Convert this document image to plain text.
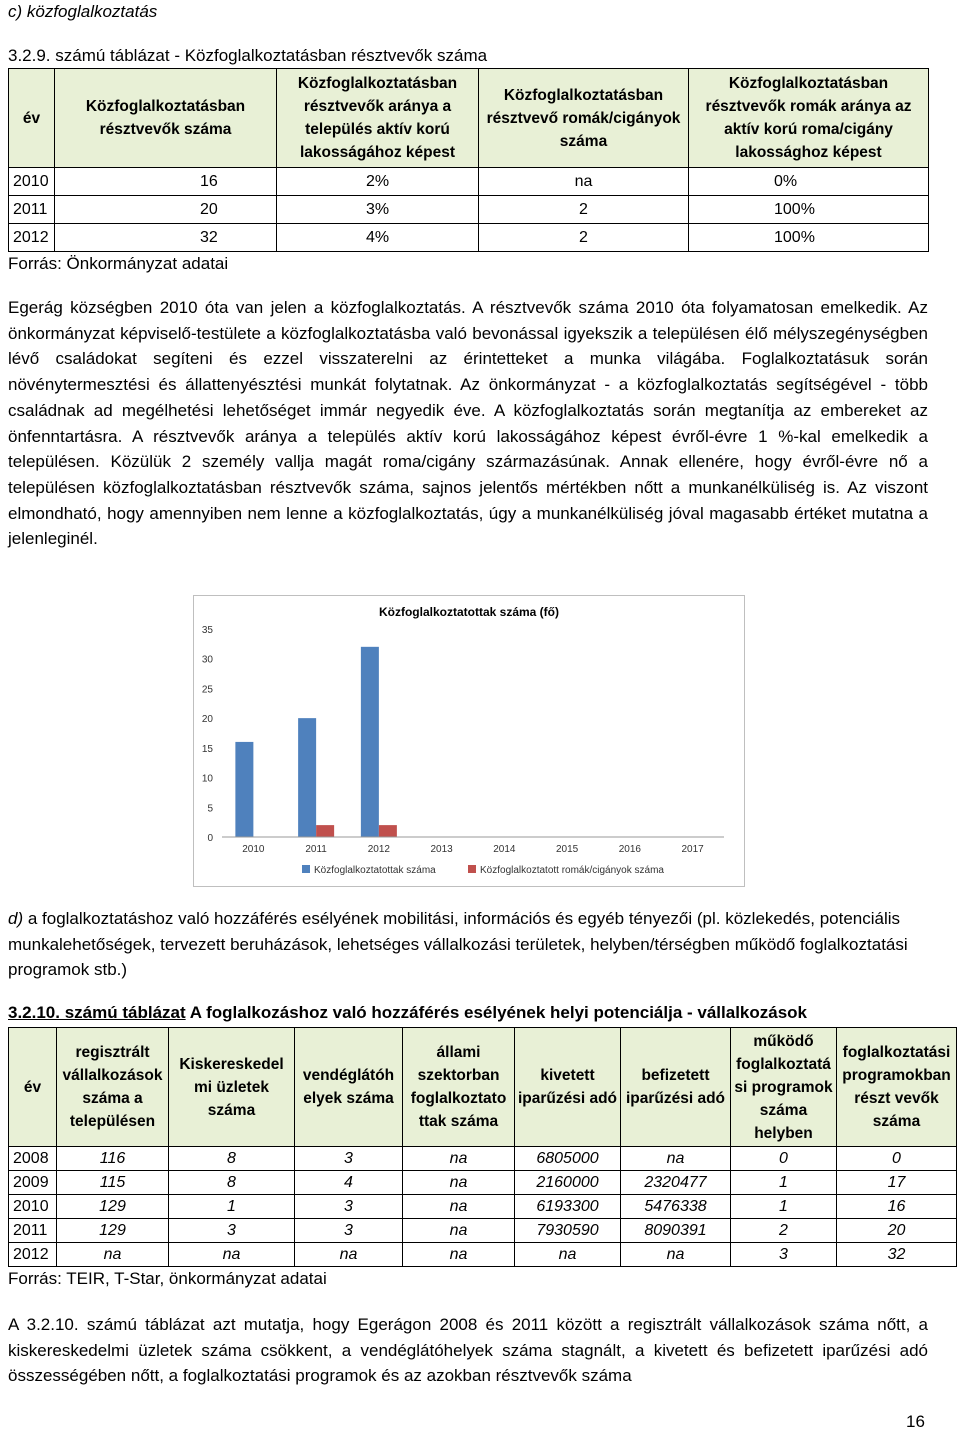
c) közfoglalkoztatás
3.2.9. számú táblázat - Közfoglalkoztatásban résztvevők száma
év	Közfoglalkoztatásban résztvevők száma	Közfoglalkoztatásban résztvevők aránya a település aktív korú lakosságához képest	Közfoglalkoztatásban résztvevő romák/cigányok száma	Közfoglalkoztatásban résztvevők romák aránya az aktív korú roma/cigány lakossághoz képest
2010	16	2%	na	0%
2011	20	3%	2	100%
2012	32	4%	2	100%
Forrás: Önkormányzat adatai
Egerág községben 2010 óta van jelen a közfoglalkoztatás. A résztvevők száma 2010 óta folyamatosan emelkedik. Az önkormányzat képviselő-testülete a közfoglalkoztatásba való bevonással igyekszik a településen élő mélyszegénységben lévő családokat segíteni és ezzel visszaterelni az érintetteket a munka világába. Foglalkoztatásuk során növénytermesztési és állattenyésztési munkát folytatnak. Az önkormányzat - a közfoglalkoztatás segítségével - több családnak ad megélhetési lehetőséget immár negyedik éve. A közfoglalkoztatás során megtanítja az embereket az önfenntartásra. A résztvevők aránya a település aktív korú lakosságához képest évről-évre 1 %-kal emelkedik a településen. Közülük 2 személy vallja magát roma/cigány származásúnak. Annak ellenére, hogy évről-évre nő a településen közfoglalkoztatásban résztvevők száma, sajnos jelentős mértékben nőtt a munkanélküliség is. Az viszont elmondható, hogy amennyiben nem lenne a közfoglalkoztatás, úgy a munkanélküliség jóval magasabb értéket mutatna a jelenleginél.
Közfoglalkoztatottak száma (fő)
0
5
10
15
20
25
30
35
2010	2011	2012	2013	2014	2015	2016	2017
Közfoglalkoztatottak száma	Közfoglalkoztatott romák/cigányok száma
d) a foglalkoztatáshoz való hozzáférés esélyének mobilitási, információs és egyéb tényezői (pl. közlekedés, potenciális munkalehetőségek, tervezett beruházások, lehetséges vállalkozási területek, helyben/térségben működő foglalkoztatási programok stb.)
3.2.10. számú táblázat A foglalkozáshoz való hozzáférés esélyének helyi potenciálja - vállalkozások
év	regisztrált vállalkozások száma a településen	Kiskereskedel mi üzletek száma	vendéglátóh elyek száma	állami szektorban foglalkoztato ttak száma	kivetett iparűzési adó	befizetett iparűzési adó	működő foglalkoztatá si programok száma helyben	foglalkoztatási programokban részt vevők száma
2008	116	8	3	na	6805000	na	0	0
2009	115	8	4	na	2160000	2320477	1	17
2010	129	1	3	na	6193300	5476338	1	16
2011	129	3	3	na	7930590	8090391	2	20
2012	na	na	na	na	na	na	3	32
Forrás: TEIR, T-Star, önkormányzat adatai
A 3.2.10. számú táblázat azt mutatja, hogy Egerágon 2008 és 2011 között a regisztrált vállalkozások száma nőtt, a kiskereskedelmi üzletek száma csökkent, a vendéglátóhelyek száma stagnált, a kivetett és befizetett iparűzési adó összességében nőtt, a foglalkoztatási programok és az azokban résztvevők száma
16
